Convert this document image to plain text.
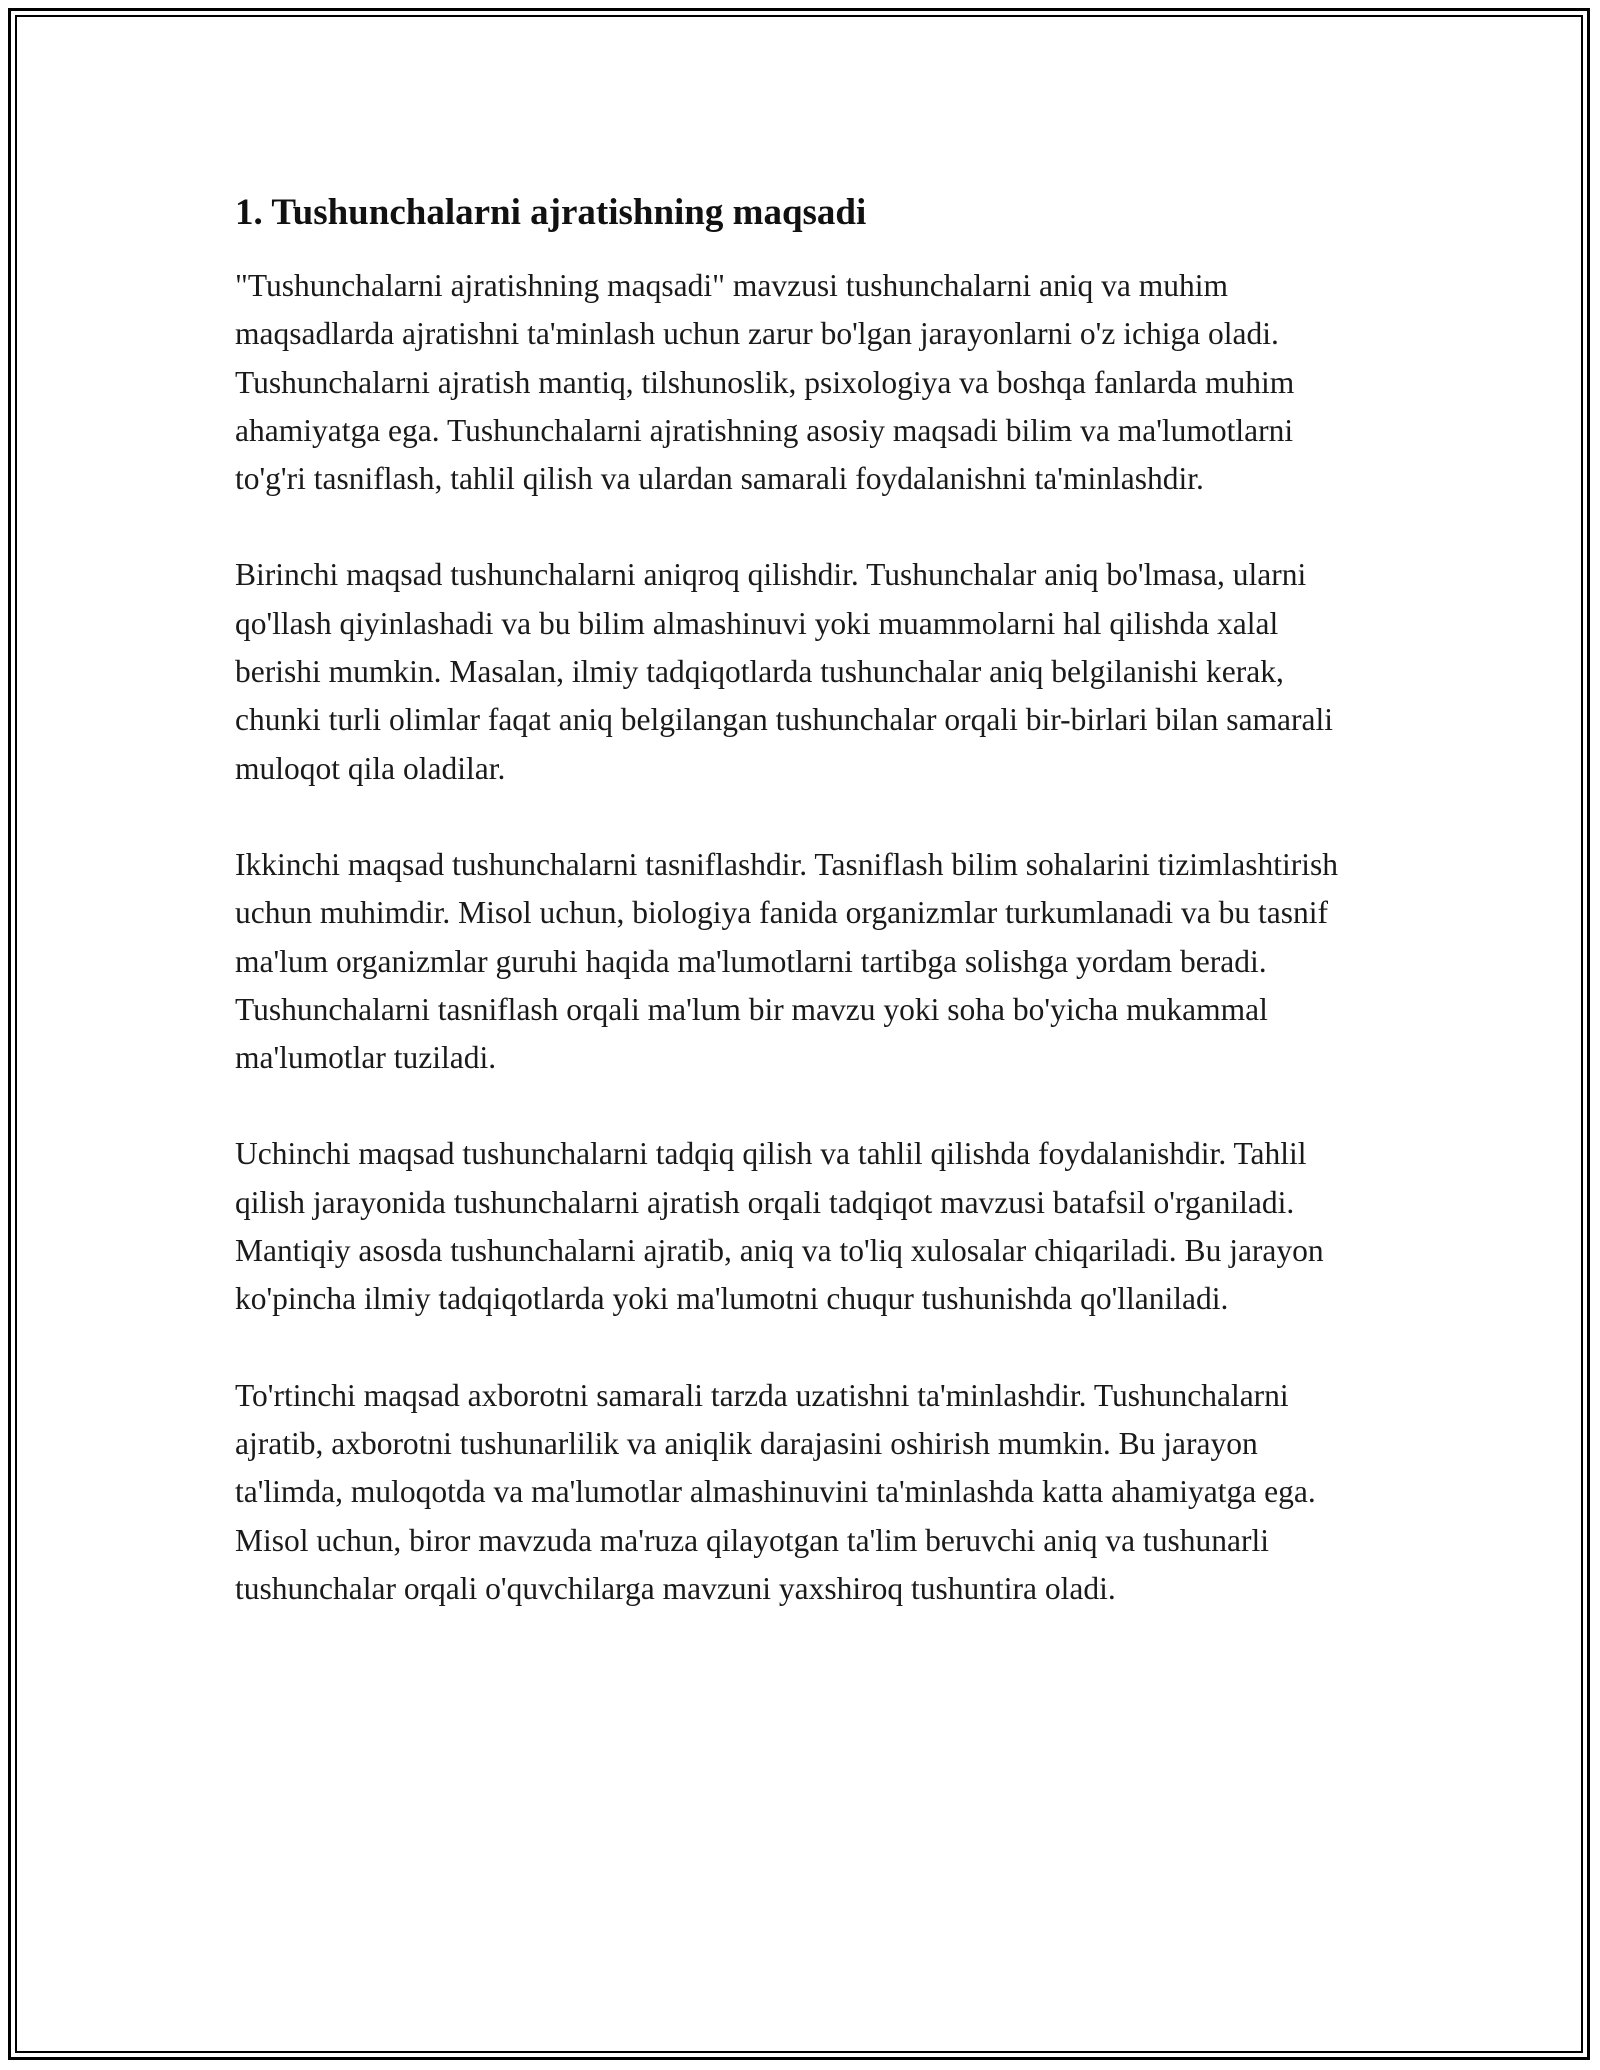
1. Tushunchalarni ajratishning maqsadi

"Tushunchalarni ajratishning maqsadi" mavzusi tushunchalarni aniq va muhim maqsadlarda ajratishni ta'minlash uchun zarur bo'lgan jarayonlarni o'z ichiga oladi. Tushunchalarni ajratish mantiq, tilshunoslik, psixologiya va boshqa fanlarda muhim ahamiyatga ega. Tushunchalarni ajratishning asosiy maqsadi bilim va ma'lumotlarni to'g'ri tasniflash, tahlil qilish va ulardan samarali foydalanishni ta'minlashdir.

Birinchi maqsad tushunchalarni aniqroq qilishdir. Tushunchalar aniq bo'lmasa, ularni qo'llash qiyinlashadi va bu bilim almashinuvi yoki muammolarni hal qilishda xalal berishi mumkin. Masalan, ilmiy tadqiqotlarda tushunchalar aniq belgilanishi kerak, chunki turli olimlar faqat aniq belgilangan tushunchalar orqali bir-birlari bilan samarali muloqot qila oladilar.

Ikkinchi maqsad tushunchalarni tasniflashdir. Tasniflash bilim sohalarini tizimlashtirish uchun muhimdir. Misol uchun, biologiya fanida organizmlar turkumlanadi va bu tasnif ma'lum organizmlar guruhi haqida ma'lumotlarni tartibga solishga yordam beradi. Tushunchalarni tasniflash orqali ma'lum bir mavzu yoki soha bo'yicha mukammal ma'lumotlar tuziladi.

Uchinchi maqsad tushunchalarni tadqiq qilish va tahlil qilishda foydalanishdir. Tahlil qilish jarayonida tushunchalarni ajratish orqali tadqiqot mavzusi batafsil o'rganiladi. Mantiqiy asosda tushunchalarni ajratib, aniq va to'liq xulosalar chiqariladi. Bu jarayon ko'pincha ilmiy tadqiqotlarda yoki ma'lumotni chuqur tushunishda qo'llaniladi.

To'rtinchi maqsad axborotni samarali tarzda uzatishni ta'minlashdir. Tushunchalarni ajratib, axborotni tushunarlilik va aniqlik darajasini oshirish mumkin. Bu jarayon ta'limda, muloqotda va ma'lumotlar almashinuvini ta'minlashda katta ahamiyatga ega. Misol uchun, biror mavzuda ma'ruza qilayotgan ta'lim beruvchi aniq va tushunarli tushunchalar orqali o'quvchilarga mavzuni yaxshiroq tushuntira oladi.
